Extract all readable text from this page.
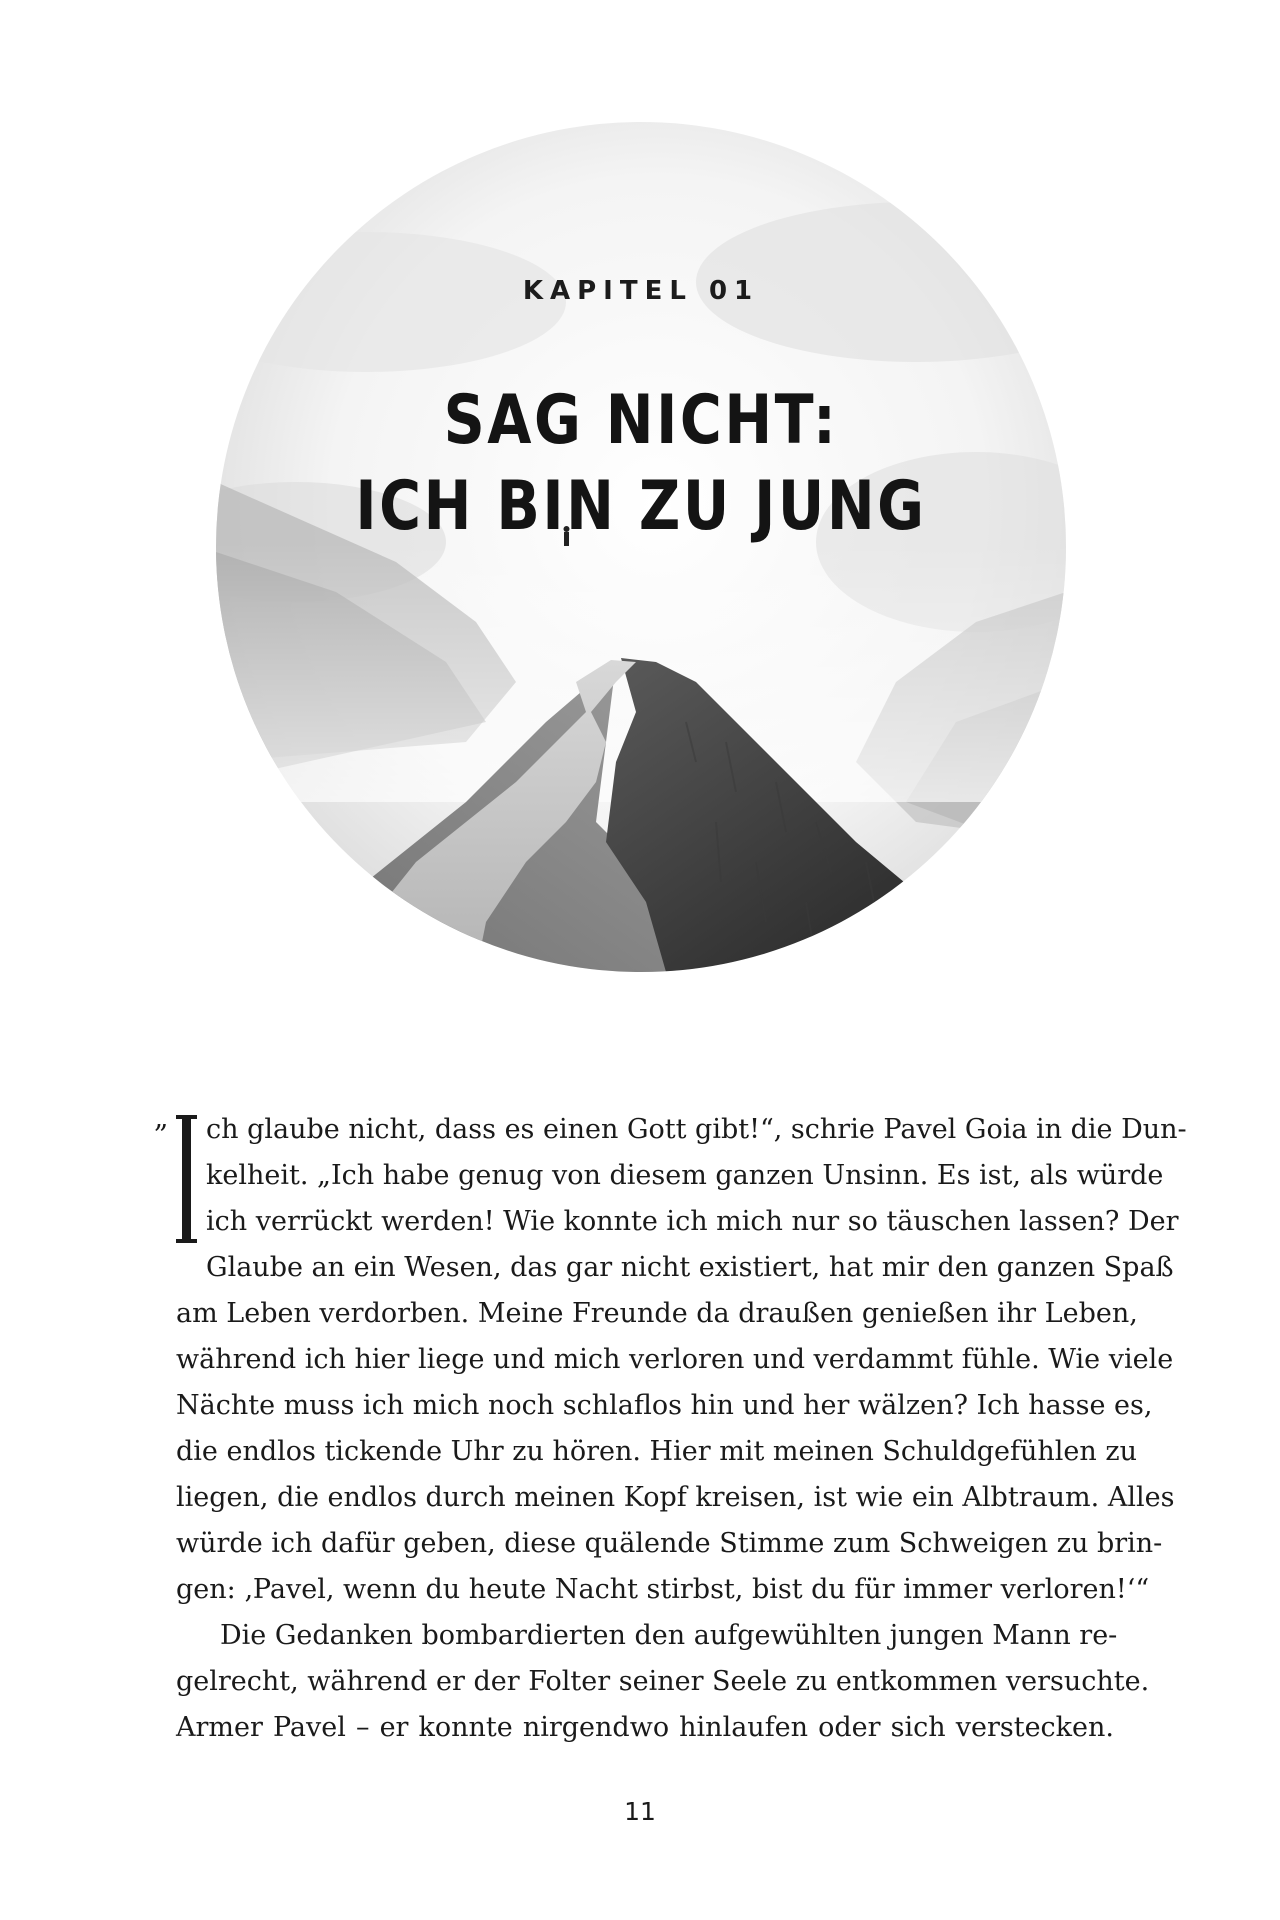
KAPITEL 01

SAG NICHT:
ICH BIN ZU JUNG
„	ch glaube nicht, dass es einen Gott gibt!“, schrie Pavel Goia in die Dun-
kelheit. „Ich habe genug von diesem ganzen Unsinn. Es ist, als würde
ich verrückt werden! Wie konnte ich mich nur so täuschen lassen? Der
Glaube an ein Wesen, das gar nicht existiert, hat mir den ganzen Spaß
am Leben verdorben. Meine Freunde da draußen genießen ihr Leben,
während ich hier liege und mich verloren und verdammt fühle. Wie viele
Nächte muss ich mich noch schlaflos hin und her wälzen? Ich hasse es,
die endlos tickende Uhr zu hören. Hier mit meinen Schuldgefühlen zu
liegen, die endlos durch meinen Kopf kreisen, ist wie ein Albtraum. Alles
würde ich dafür geben, diese quälende Stimme zum Schweigen zu brin-
gen: ‚Pavel, wenn du heute Nacht stirbst, bist du für immer verloren!‘“
Die Gedanken bombardierten den aufgewühlten jungen Mann re-
gelrecht, während er der Folter seiner Seele zu entkommen versuchte.
Armer Pavel – er konnte nirgendwo hinlaufen oder sich verstecken.

11
